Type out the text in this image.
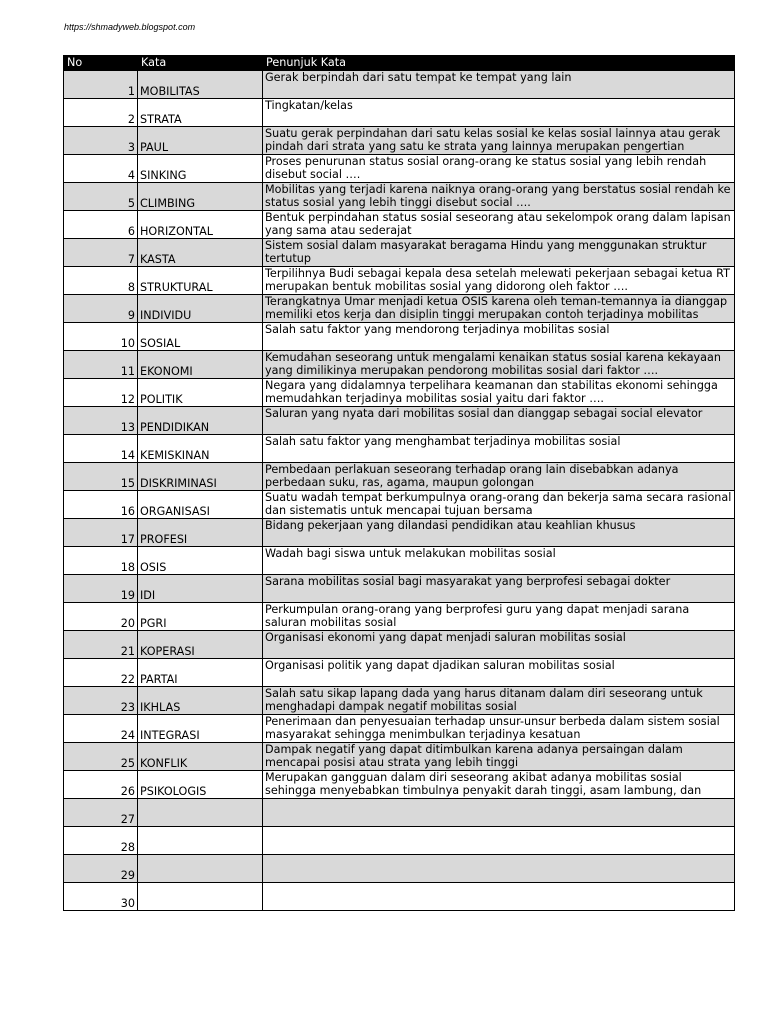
https://shmadyweb.blogspot.com
No	Kata	Penunjuk Kata
1	MOBILITAS	Gerak berpindah dari satu tempat ke tempat yang lain

2	STRATA	Tingkatan/kelas

3	PAUL	Suatu gerak perpindahan dari satu kelas sosial ke kelas sosial lainnya atau gerak pindah dari strata yang satu ke strata yang lainnya merupakan pengertian

4	SINKING	Proses penurunan status sosial orang-orang ke status sosial yang lebih rendah disebut social ….

5	CLIMBING	Mobilitas yang terjadi karena naiknya orang-orang yang berstatus sosial rendah ke status sosial yang lebih tinggi disebut social ….

6	HORIZONTAL	Bentuk perpindahan status sosial seseorang atau sekelompok orang dalam lapisan yang sama atau sederajat

7	KASTA	Sistem sosial dalam masyarakat beragama Hindu yang menggunakan struktur tertutup

8	STRUKTURAL	Terpilihnya Budi sebagai kepala desa setelah melewati pekerjaan sebagai ketua RT merupakan bentuk mobilitas sosial yang didorong oleh faktor ….

9	INDIVIDU	Terangkatnya Umar menjadi ketua OSIS karena oleh teman-temannya ia dianggap memiliki etos kerja dan disiplin tinggi merupakan contoh terjadinya mobilitas

10	SOSIAL	Salah satu faktor yang mendorong terjadinya mobilitas sosial

11	EKONOMI	Kemudahan seseorang untuk mengalami kenaikan status sosial karena kekayaan yang dimilikinya merupakan pendorong mobilitas sosial dari faktor ….

12	POLITIK	Negara yang didalamnya terpelihara keamanan dan stabilitas ekonomi sehingga memudahkan terjadinya mobilitas sosial yaitu dari faktor ….

13	PENDIDIKAN	Saluran yang nyata dari mobilitas sosial dan dianggap sebagai social elevator

14	KEMISKINAN	Salah satu faktor yang menghambat terjadinya mobilitas sosial

15	DISKRIMINASI	Pembedaan perlakuan seseorang terhadap orang lain disebabkan adanya perbedaan suku, ras, agama, maupun golongan

16	ORGANISASI	Suatu wadah tempat berkumpulnya orang-orang dan bekerja sama secara rasional dan sistematis untuk mencapai tujuan bersama

17	PROFESI	Bidang pekerjaan yang dilandasi pendidikan atau keahlian khusus

18	OSIS	Wadah bagi siswa untuk melakukan mobilitas sosial

19	IDI	Sarana mobilitas sosial bagi masyarakat yang berprofesi sebagai dokter

20	PGRI	Perkumpulan orang-orang yang berprofesi guru yang dapat menjadi sarana saluran mobilitas sosial

21	KOPERASI	Organisasi ekonomi yang dapat menjadi saluran mobilitas sosial

22	PARTAI	Organisasi politik yang dapat djadikan saluran mobilitas sosial

23	IKHLAS	Salah satu sikap lapang dada yang harus ditanam dalam diri seseorang untuk menghadapi dampak negatif mobilitas sosial

24	INTEGRASI	Penerimaan dan penyesuaian terhadap unsur-unsur berbeda dalam sistem sosial masyarakat sehingga menimbulkan terjadinya kesatuan

25	KONFLIK	Dampak negatif yang dapat ditimbulkan karena adanya persaingan dalam mencapai posisi atau strata yang lebih tinggi

26	PSIKOLOGIS	Merupakan gangguan dalam diri seseorang akibat adanya mobilitas sosial sehingga menyebabkan timbulnya penyakit darah tinggi, asam lambung, dan

27		

28		

29		

30		
